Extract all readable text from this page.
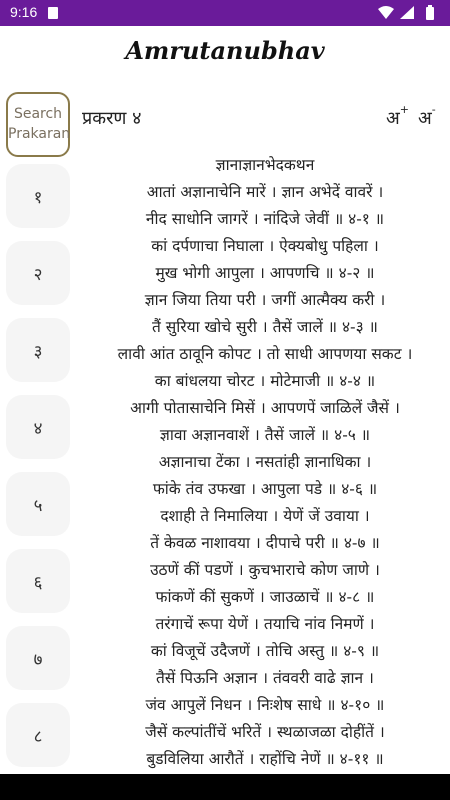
9:16
Amrutanubhav
Search Prakaran
१
२
३
४
५
६
७
८
प्रकरण ४	अ+ अ-
ज्ञानाज्ञानभेदकथन
आतां अज्ञानाचेनि मारें । ज्ञान अभेदें वावरें ।
नीद साधोनि जागरें । नांदिजे जेवीं ॥ ४-१ ॥
कां दर्पणाचा निघाला । ऐक्यबोधु पहिला ।
मुख भोगी आपुला । आपणचि ॥ ४-२ ॥
ज्ञान जिया तिया परी । जगीं आत्मैक्य करी ।
तैं सुरिया खोचे सुरी । तैसें जालें ॥ ४-३ ॥
लावी आंत ठावूनि कोपट । तो साधी आपणया सकट ।
का बांधलया चोरट । मोटेमाजी ॥ ४-४ ॥
आगी पोतासाचेनि मिसें । आपणपें जाळिलें जैसें ।
ज्ञावा अज्ञानवाशें । तैसें जालें ॥ ४-५ ॥
अज्ञानाचा टेंका । नसतांही ज्ञानाधिका ।
फांके तंव उफखा । आपुला पडे ॥ ४-६ ॥
दशाही ते निमालिया । येणें जें उवाया ।
तें केवळ नाशावया । दीपाचे परी ॥ ४-७ ॥
उठणें कीं पडणें । कुचभाराचे कोण जाणे ।
फांकणें कीं सुकणें । जाउळाचें ॥ ४-८ ॥
तरंगाचें रूपा येणें । तयाचि नांव निमणें ।
कां विजूचें उदैजणें । तोचि अस्तु ॥ ४-९ ॥
तैसें पिऊनि अज्ञान । तंववरी वाढे ज्ञान ।
जंव आपुलें निधन । निःशेष साधे ॥ ४-१० ॥
जैसें कल्पांतींचें भरितें । स्थळाजळा दोहींतें ।
बुडविलिया आरौतें । राहोंचि नेणें ॥ ४-११ ॥
